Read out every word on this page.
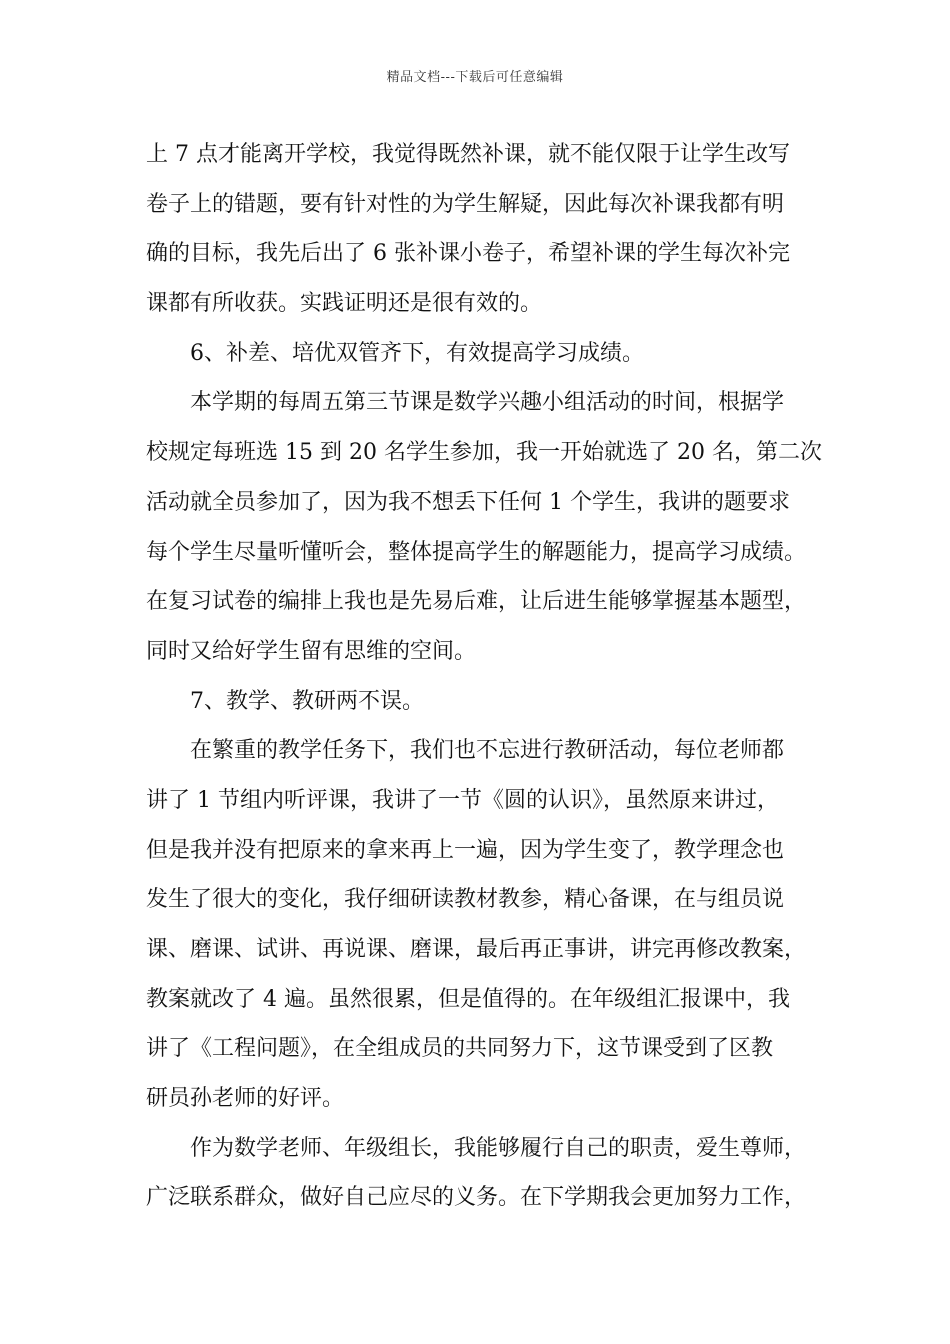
精品文档---下载后可任意编辑
上 7 点才能离开学校，我觉得既然补课，就不能仅限于让学生改写
卷子上的错题，要有针对性的为学生解疑，因此每次补课我都有明
确的目标，我先后出了 6 张补课小卷子，希望补课的学生每次补完
课都有所收获。实践证明还是很有效的。
6、补差、培优双管齐下，有效提高学习成绩。
本学期的每周五第三节课是数学兴趣小组活动的时间，根据学
校规定每班选 15 到 20 名学生参加，我一开始就选了 20 名，第二次
活动就全员参加了，因为我不想丢下任何 1 个学生，我讲的题要求
每个学生尽量听懂听会，整体提高学生的解题能力，提高学习成绩。
在复习试卷的编排上我也是先易后难，让后进生能够掌握基本题型，
同时又给好学生留有思维的空间。
7、教学、教研两不误。
在繁重的教学任务下，我们也不忘进行教研活动，每位老师都
讲了 1 节组内听评课，我讲了一节《圆的认识》，虽然原来讲过，
但是我并没有把原来的拿来再上一遍，因为学生变了，教学理念也
发生了很大的变化，我仔细研读教材教参，精心备课，在与组员说
课、磨课、试讲、再说课、磨课，最后再正事讲，讲完再修改教案，
教案就改了 4 遍。虽然很累，但是值得的。在年级组汇报课中，我
讲了《工程问题》，在全组成员的共同努力下，这节课受到了区教
研员孙老师的好评。
作为数学老师、年级组长，我能够履行自己的职责，爱生尊师，
广泛联系群众，做好自己应尽的义务。在下学期我会更加努力工作，
